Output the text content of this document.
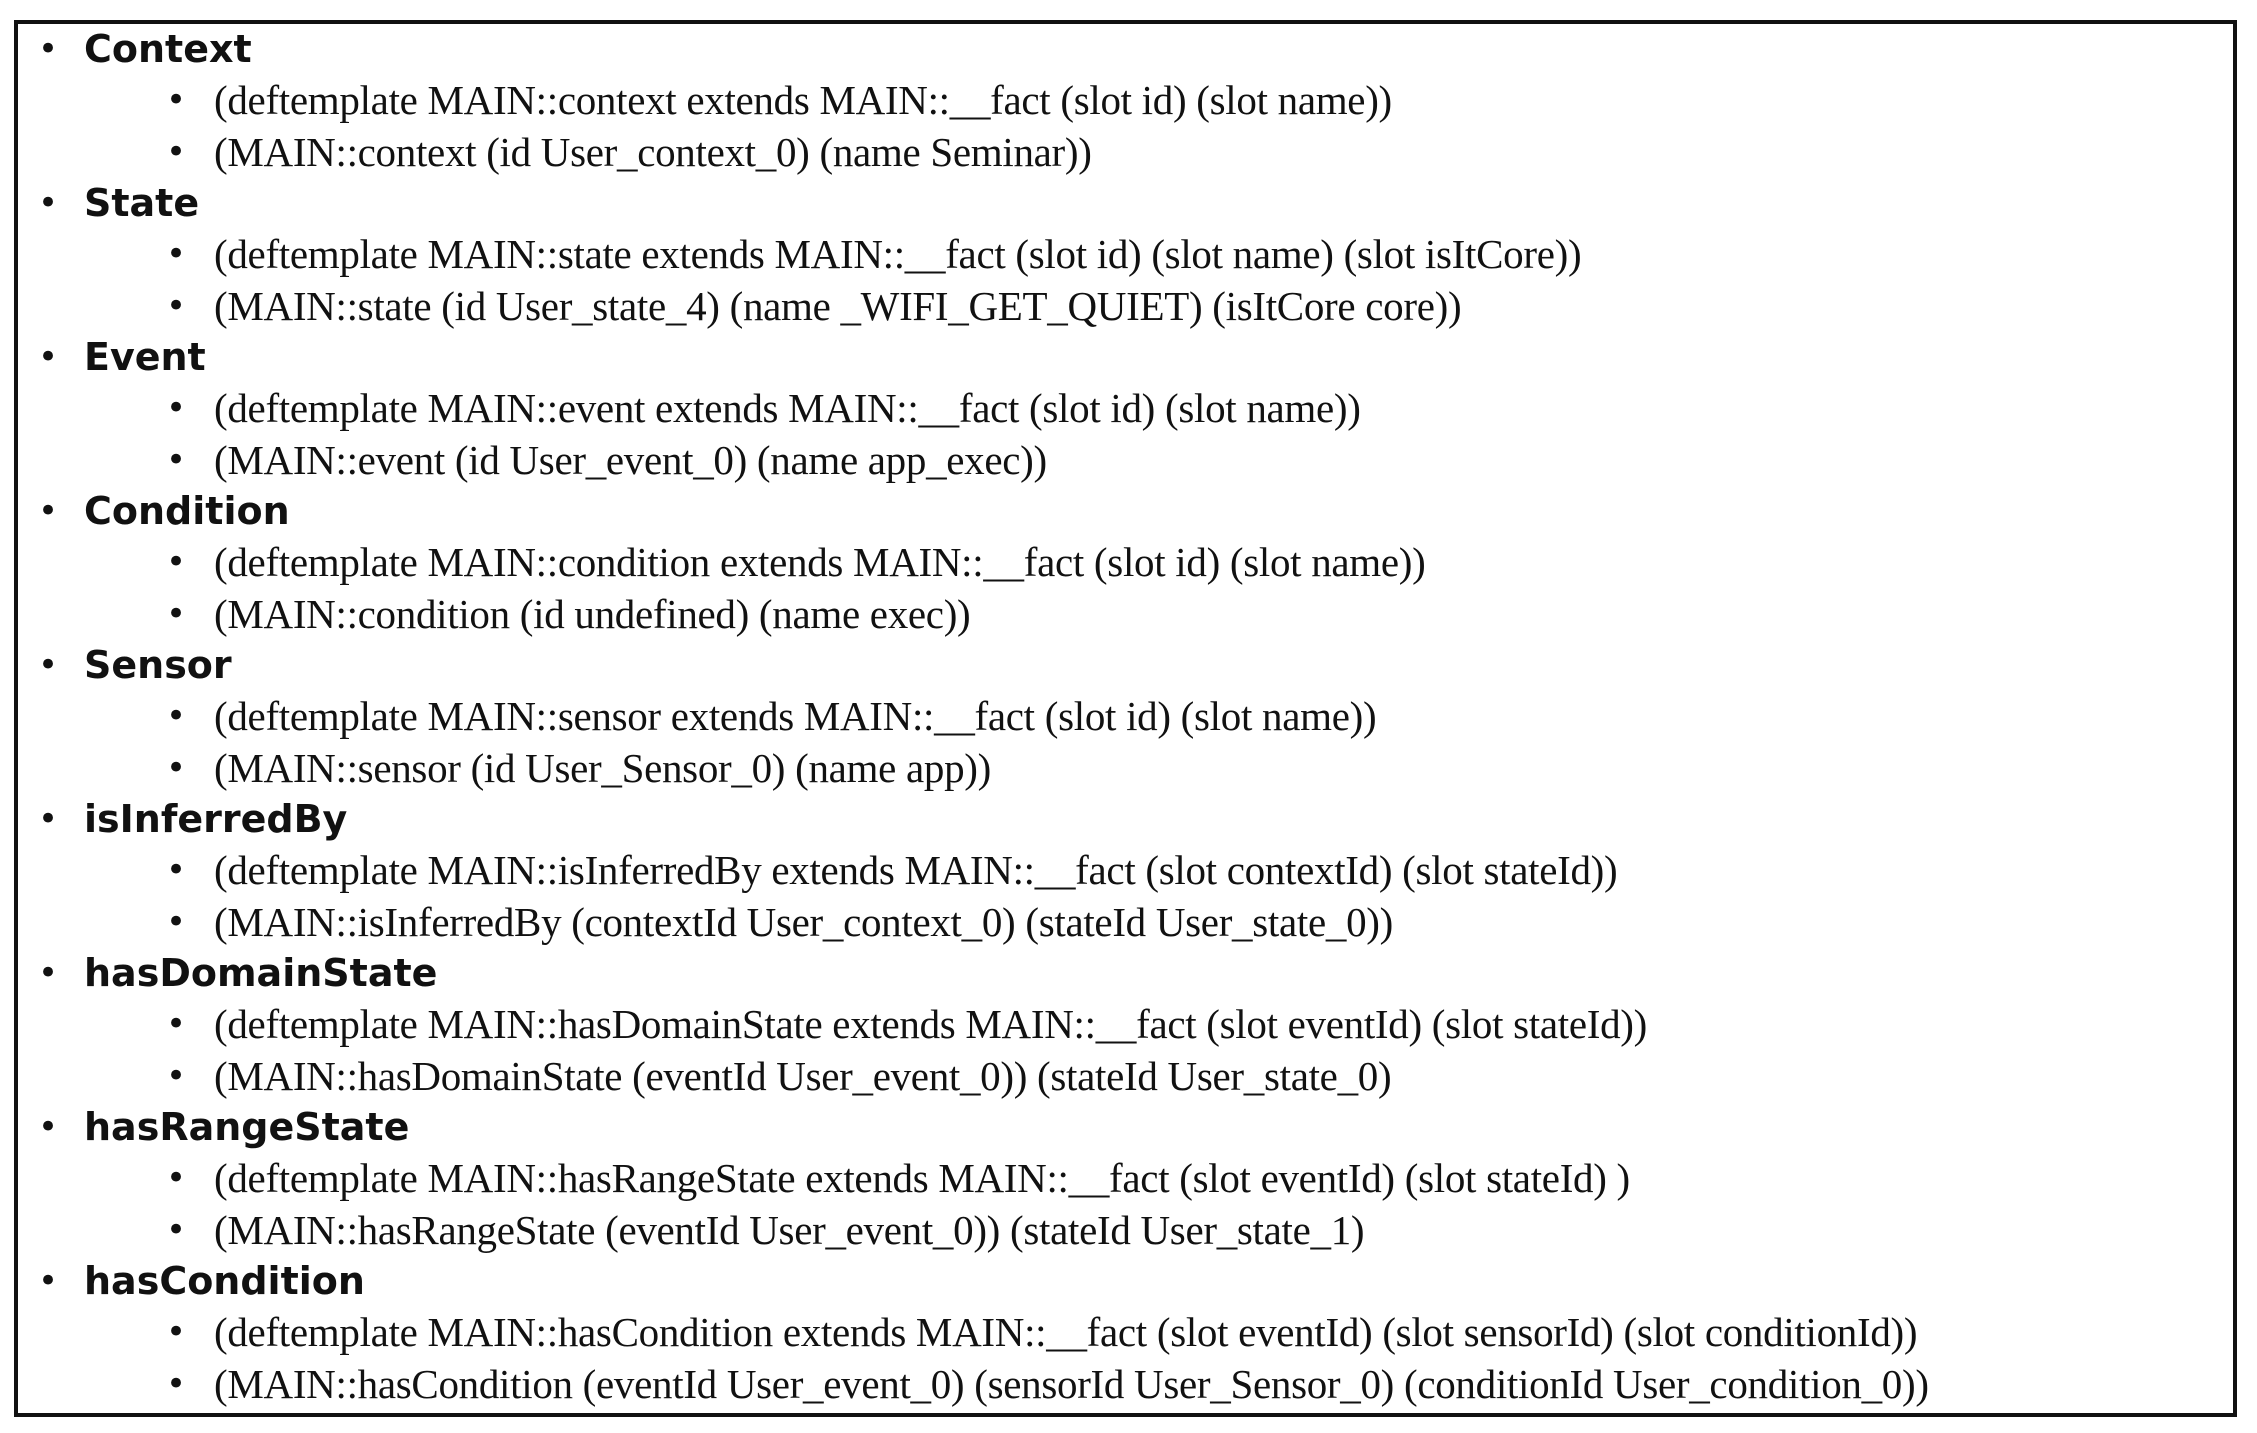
• Context
• (deftemplate MAIN::context extends MAIN::__fact (slot id) (slot name))
• (MAIN::context (id User_context_0) (name Seminar))
• State
• (deftemplate MAIN::state extends MAIN::__fact (slot id) (slot name) (slot isItCore))
• (MAIN::state (id User_state_4) (name _WIFI_GET_QUIET) (isItCore core))
• Event
• (deftemplate MAIN::event extends MAIN::__fact (slot id) (slot name))
• (MAIN::event (id User_event_0) (name app_exec))
• Condition
• (deftemplate MAIN::condition extends MAIN::__fact (slot id) (slot name))
• (MAIN::condition (id undefined) (name exec))
• Sensor
• (deftemplate MAIN::sensor extends MAIN::__fact (slot id) (slot name))
• (MAIN::sensor (id User_Sensor_0) (name app))
• isInferredBy
• (deftemplate MAIN::isInferredBy extends MAIN::__fact (slot contextId) (slot stateId))
• (MAIN::isInferredBy (contextId User_context_0) (stateId User_state_0))
• hasDomainState
• (deftemplate MAIN::hasDomainState extends MAIN::__fact (slot eventId) (slot stateId))
• (MAIN::hasDomainState (eventId User_event_0)) (stateId User_state_0)
• hasRangeState
• (deftemplate MAIN::hasRangeState extends MAIN::__fact (slot eventId) (slot stateId) )
• (MAIN::hasRangeState (eventId User_event_0)) (stateId User_state_1)
• hasCondition
• (deftemplate MAIN::hasCondition extends MAIN::__fact (slot eventId) (slot sensorId) (slot conditionId))
• (MAIN::hasCondition (eventId User_event_0) (sensorId User_Sensor_0) (conditionId User_condition_0))
